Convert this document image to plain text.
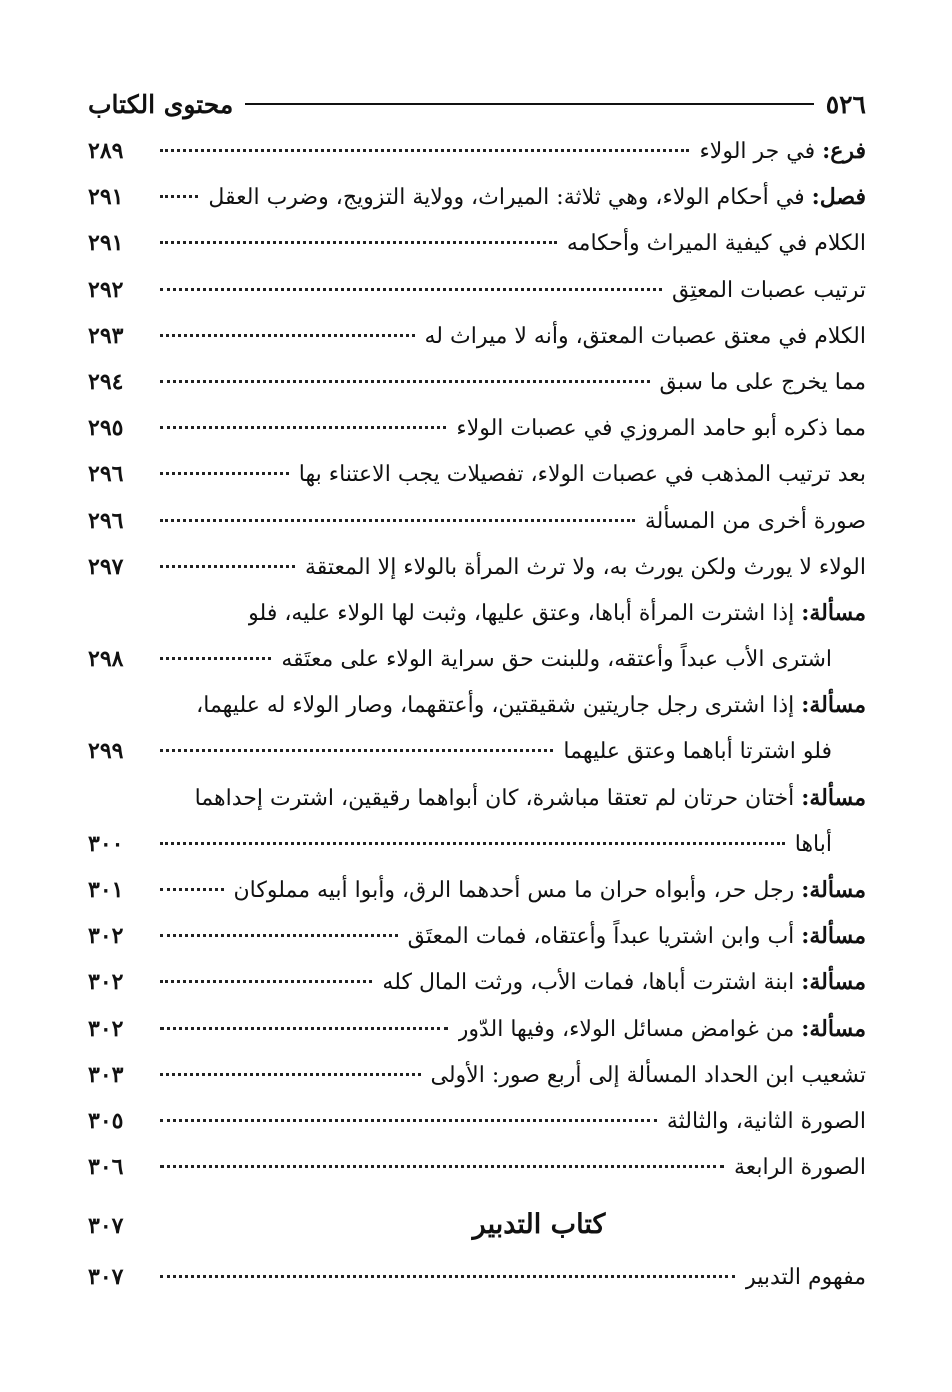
٥٢٦
محتوى الكتاب
فرع: في جر الولاء
٢٨٩
فصل: في أحكام الولاء، وهي ثلاثة: الميراث، وولاية التزويج، وضرب العقل
٢٩١
الكلام في كيفية الميراث وأحكامه
٢٩١
ترتيب عصبات المعتِق
٢٩٢
الكلام في معتق عصبات المعتق، وأنه لا ميراث له
٢٩٣
مما يخرج على ما سبق
٢٩٤
مما ذكره أبو حامد المروزي في عصبات الولاء
٢٩٥
بعد ترتيب المذهب في عصبات الولاء، تفصيلات يجب الاعتناء بها
٢٩٦
صورة أخرى من المسألة
٢٩٦
الولاء لا يورث ولكن يورث به، ولا ترث المرأة بالولاء إلا المعتقة
٢٩٧
مسألة: إذا اشترت المرأة أباها، وعتق عليها، وثبت لها الولاء عليه، فلو
اشترى الأب عبداً وأعتقه، وللبنت حق سراية الولاء على معتَقه
٢٩٨
مسألة: إذا اشترى رجل جاريتين شقيقتين، وأعتقهما، وصار الولاء له عليهما،
فلو اشترتا أباهما وعتق عليهما
٢٩٩
مسألة: أختان حرتان لم تعتقا مباشرة، كان أبواهما رقيقين، اشترت إحداهما
أباها
٣٠٠
مسألة: رجل حر، وأبواه حران ما مس أحدهما الرق، وأبوا أبيه مملوكان
٣٠١
مسألة: أب وابن اشتريا عبداً وأعتقاه، فمات المعتَق
٣٠٢
مسألة: ابنة اشترت أباها، فمات الأب، ورثت المال كله
٣٠٢
مسألة: من غوامض مسائل الولاء، وفيها الدّور
٣٠٢
تشعيب ابن الحداد المسألة إلى أربع صور: الأولى
٣٠٣
الصورة الثانية، والثالثة
٣٠٥
الصورة الرابعة
٣٠٦
كتاب التدبير
٣٠٧
مفهوم التدبير
٣٠٧
